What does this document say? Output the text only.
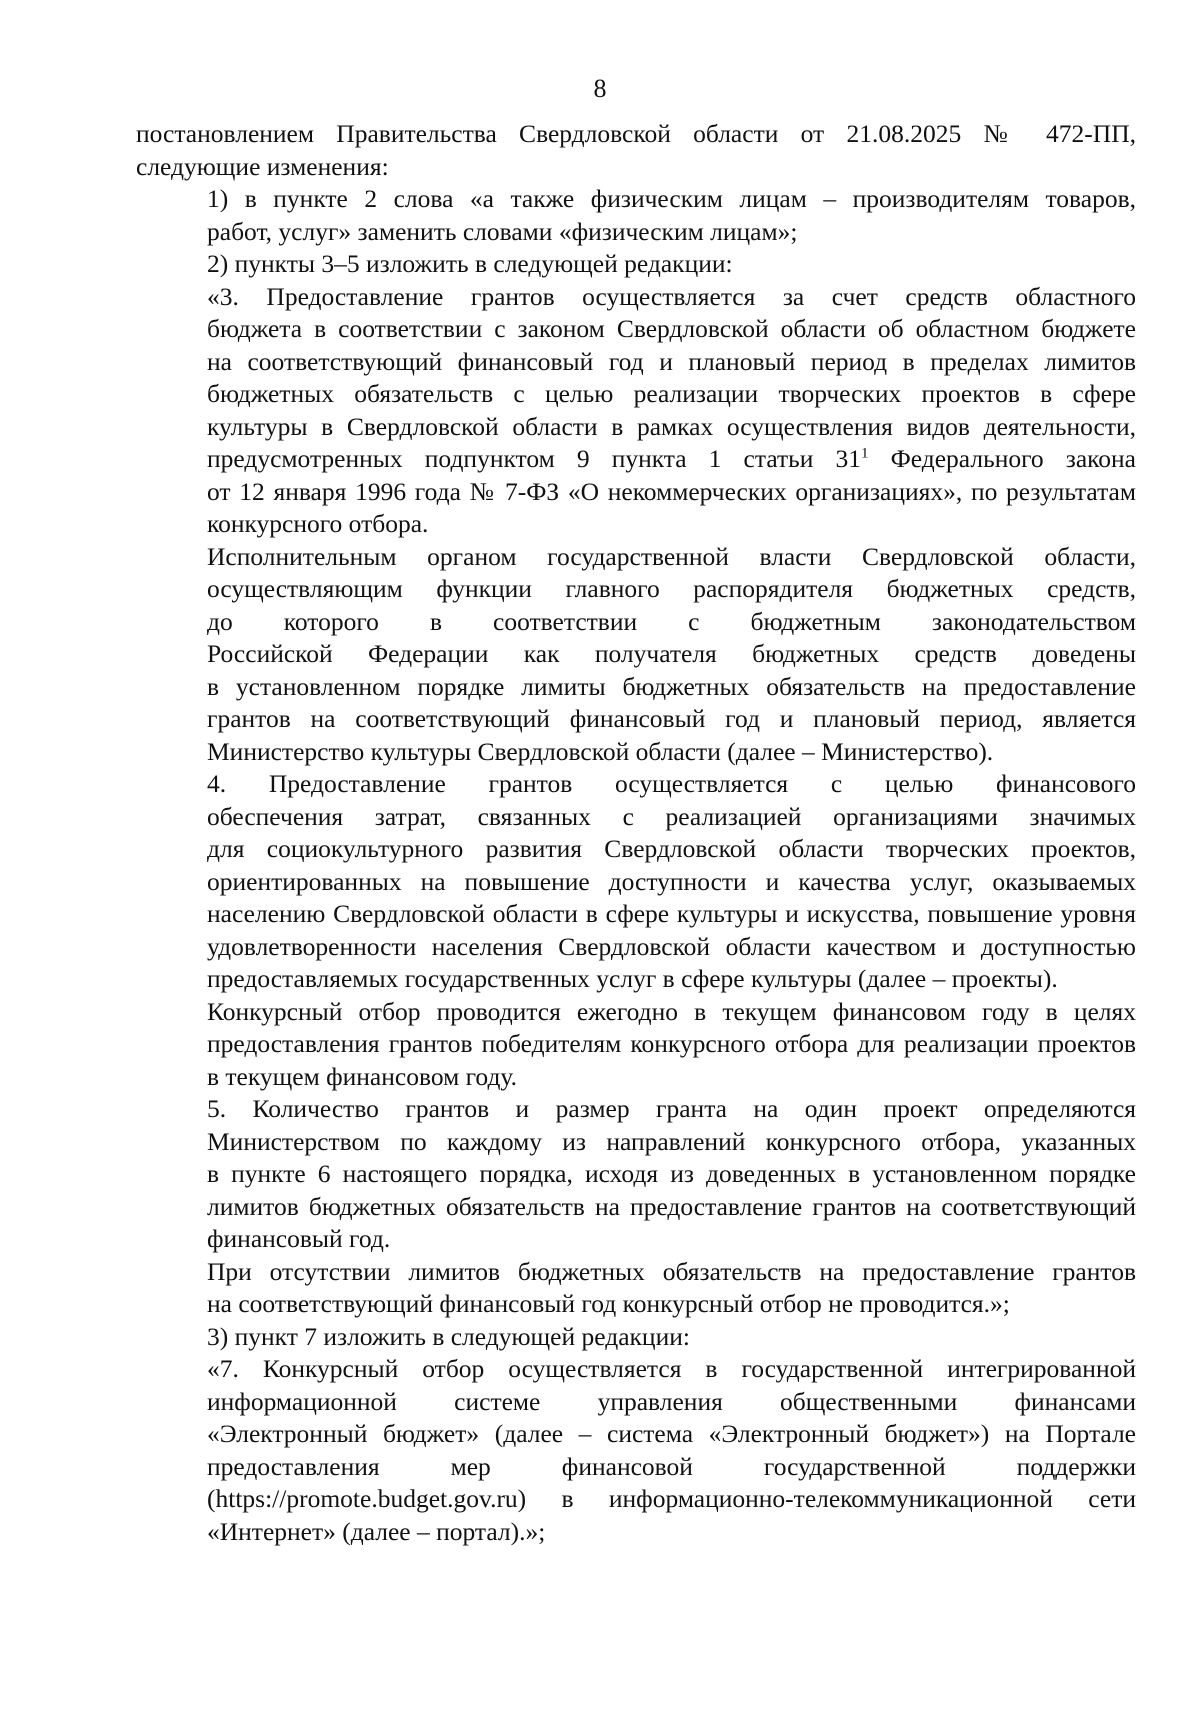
8
постановлением Правительства Свердловской области от 21.08.2025 № 472-ПП,
следующие изменения:
1) в пункте 2 слова «а также физическим лицам – производителям товаров,
работ, услуг» заменить словами «физическим лицам»;
2) пункты 3–5 изложить в следующей редакции:
«3. Предоставление грантов осуществляется за счет средств областного
бюджета в соответствии с законом Свердловской области об областном бюджете
на соответствующий финансовый год и плановый период в пределах лимитов
бюджетных обязательств с целью реализации творческих проектов в сфере
культуры в Свердловской области в рамках осуществления видов деятельности,
предусмотренных подпунктом 9 пункта 1 статьи $31^1$ Федерального закона
от 12 января 1996 года № 7-ФЗ «О некоммерческих организациях», по результатам
конкурсного отбора.
Исполнительным органом государственной власти Свердловской области,
осуществляющим функции главного распорядителя бюджетных средств,
до которого в соответствии с бюджетным законодательством
Российской Федерации как получателя бюджетных средств доведены
в установленном порядке лимиты бюджетных обязательств на предоставление
грантов на соответствующий финансовый год и плановый период, является
Министерство культуры Свердловской области (далее – Министерство).
4. Предоставление грантов осуществляется с целью финансового
обеспечения затрат, связанных с реализацией организациями значимых
для социокультурного развития Свердловской области творческих проектов,
ориентированных на повышение доступности и качества услуг, оказываемых
населению Свердловской области в сфере культуры и искусства, повышение уровня
удовлетворенности населения Свердловской области качеством и доступностью
предоставляемых государственных услуг в сфере культуры (далее – проекты).
Конкурсный отбор проводится ежегодно в текущем финансовом году в целях
предоставления грантов победителям конкурсного отбора для реализации проектов
в текущем финансовом году.
5. Количество грантов и размер гранта на один проект определяются
Министерством по каждому из направлений конкурсного отбора, указанных
в пункте 6 настоящего порядка, исходя из доведенных в установленном порядке
лимитов бюджетных обязательств на предоставление грантов на соответствующий
финансовый год.
При отсутствии лимитов бюджетных обязательств на предоставление грантов
на соответствующий финансовый год конкурсный отбор не проводится.»;
3) пункт 7 изложить в следующей редакции:
«7. Конкурсный отбор осуществляется в государственной интегрированной
информационной системе управления общественными финансами
«Электронный бюджет» (далее – система «Электронный бюджет») на Портале
предоставления мер финансовой государственной поддержки
(https://promote.budget.gov.ru) в информационно-телекоммуникационной сети
«Интернет» (далее – портал).»;
